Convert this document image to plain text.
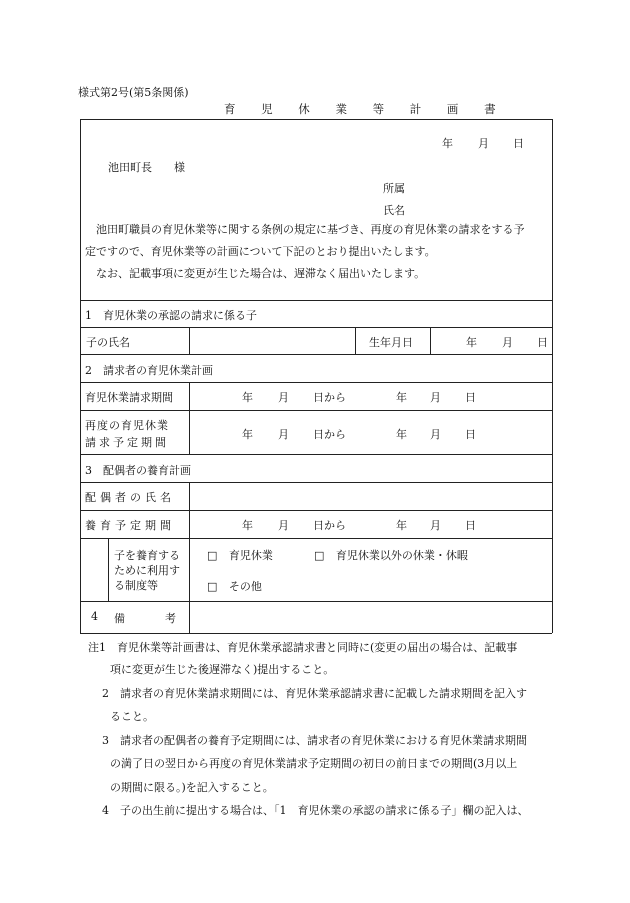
様式第2号(第5条関係)
育 児 休 業 等 計 画 書
年 月 日
池田町長　　様
所属
氏名
池田町職員の育児休業等に関する条例の規定に基づき、再度の育児休業の請求をする予
定ですので、育児休業等の計画について下記のとおり提出いたします。
なお、記載事項に変更が生じた場合は、遅滞なく届出いたします。
1　育児休業の承認の請求に係る子
子の氏名	生年月日	年 月 日
2　請求者の育児休業計画
育児休業請求期間	年 月 日から	年 月 日
再度の育児休業
請求予定期間
年 月 日から	年 月 日
3　配偶者の養育計画
配偶者の氏名
養育予定期間	年 月 日から	年 月 日
子を養育する
ために利用す
る制度等
□ 育児休業	□ 育児休業以外の休業・休暇
□ その他
4 備　　考
注1　育児休業等計画書は、育児休業承認請求書と同時に(変更の届出の場合は、記載事
項に変更が生じた後遅滞なく)提出すること。
2　請求者の育児休業請求期間には、育児休業承認請求書に記載した請求期間を記入す
ること。
3　請求者の配偶者の養育予定期間には、請求者の育児休業における育児休業請求期間
の満了日の翌日から再度の育児休業請求予定期間の初日の前日までの期間(3月以上
の期間に限る。)を記入すること。
4　子の出生前に提出する場合は、「1　育児休業の承認の請求に係る子」欄の記入は、
